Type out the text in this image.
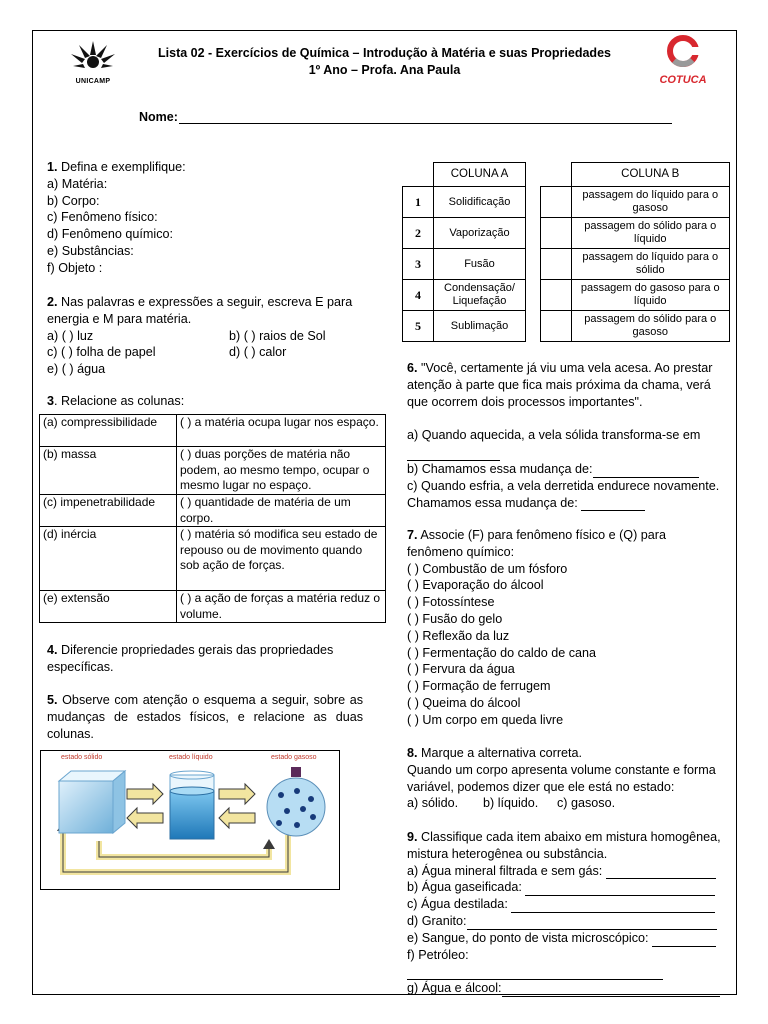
UNICAMP	COTUCA
Lista 02 - Exercícios de Química – Introdução à Matéria e suas Propriedades
1º Ano – Profa. Ana Paula
Nome:
1. Defina e exemplifique:
a) Matéria:
b) Corpo:
c) Fenômeno físico:
d) Fenômeno químico:
e) Substâncias:
f) Objeto :
2. Nas palavras e expressões a seguir, escreva E para energia e M para matéria.
a) ( ) luz	b) ( ) raios de Sol
c) ( ) folha de papel	d) ( ) calor
e) ( ) água
3. Relacione as colunas:
(a) compressibilidade	( ) a matéria ocupa lugar nos espaço.
(b) massa	( ) duas porções de matéria não podem, ao mesmo tempo, ocupar o mesmo lugar no espaço.
(c) impenetrabilidade	( ) quantidade de matéria de um corpo.
(d) inércia	( ) matéria só modifica seu estado de repouso ou de movimento quando sob ação de forças.
(e) extensão	( ) a ação de forças a matéria reduz o volume.
4. Diferencie propriedades gerais das propriedades específicas.
5. Observe com atenção o esquema a seguir, sobre as mudanças de estados físicos, e relacione as duas colunas.
estado sólido	estado líquido	estado gasoso
	COLUNA A
1	Solidificação
2	Vaporização
3	Fusão
4	Condensação/ Liquefação
5	Sublimação
	COLUNA B
	passagem do líquido para o gasoso
	passagem do sólido para o líquido
	passagem do líquido para o sólido
	passagem do gasoso para o líquido
	passagem do sólido para o gasoso
6. "Você, certamente já viu uma vela acesa. Ao prestar atenção à parte que fica mais próxima da chama, verá que ocorrem dois processos importantes".
a) Quando aquecida, a vela sólida transforma-se em

b) Chamamos essa mudança de:
c) Quando esfria, a vela derretida endurece novamente. Chamamos essa mudança de:
7. Associe (F) para fenômeno físico e (Q) para fenômeno químico:
( ) Combustão de um fósforo
( ) Evaporação do álcool
( ) Fotossíntese
( ) Fusão do gelo
( ) Reflexão da luz
( ) Fermentação do caldo de cana
( ) Fervura da água
( ) Formação de ferrugem
( ) Queima do álcool
( ) Um corpo em queda livre
8. Marque a alternativa correta.
Quando um corpo apresenta volume constante e forma variável, podemos dizer que ele está no estado:
a) sólido. b) líquido. c) gasoso.
9. Classifique cada item abaixo em mistura homogênea, mistura heterogênea ou substância.
a) Água mineral filtrada e sem gás:
b) Água gaseificada:
c) Água destilada:
d) Granito:
e) Sangue, do ponto de vista microscópico:
f) Petróleo:
g) Água e álcool:
